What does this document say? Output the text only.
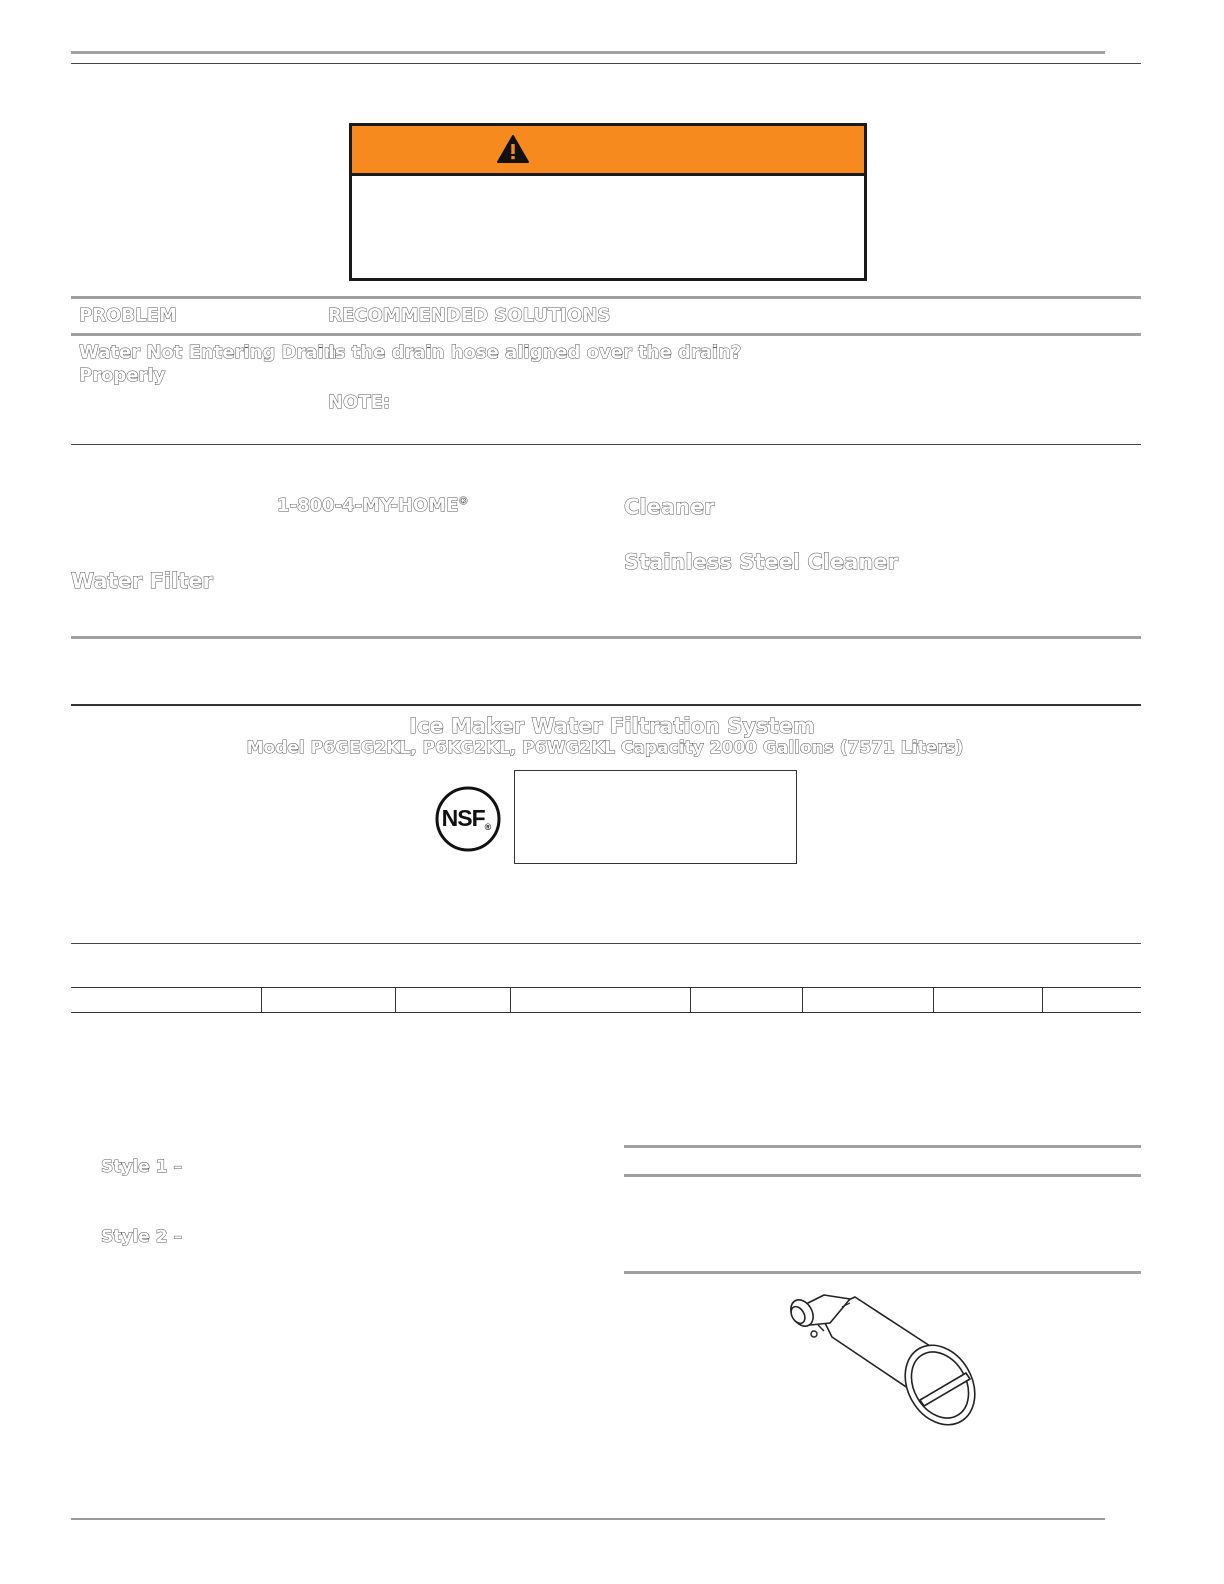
PROBLEM	RECOMMENDED SOLUTIONS
Water Not Entering Drain
Properly
Is the drain hose aligned over the drain?
NOTE:
1-800-4-MY-HOME®
Water Filter
Cleaner
Stainless Steel Cleaner
Ice Maker Water Filtration System
Model P6GEG2KL, P6KG2KL, P6WG2KL Capacity 2000 Gallons (7571 Liters)
NSF®
Style 1 –
Style 2 –
